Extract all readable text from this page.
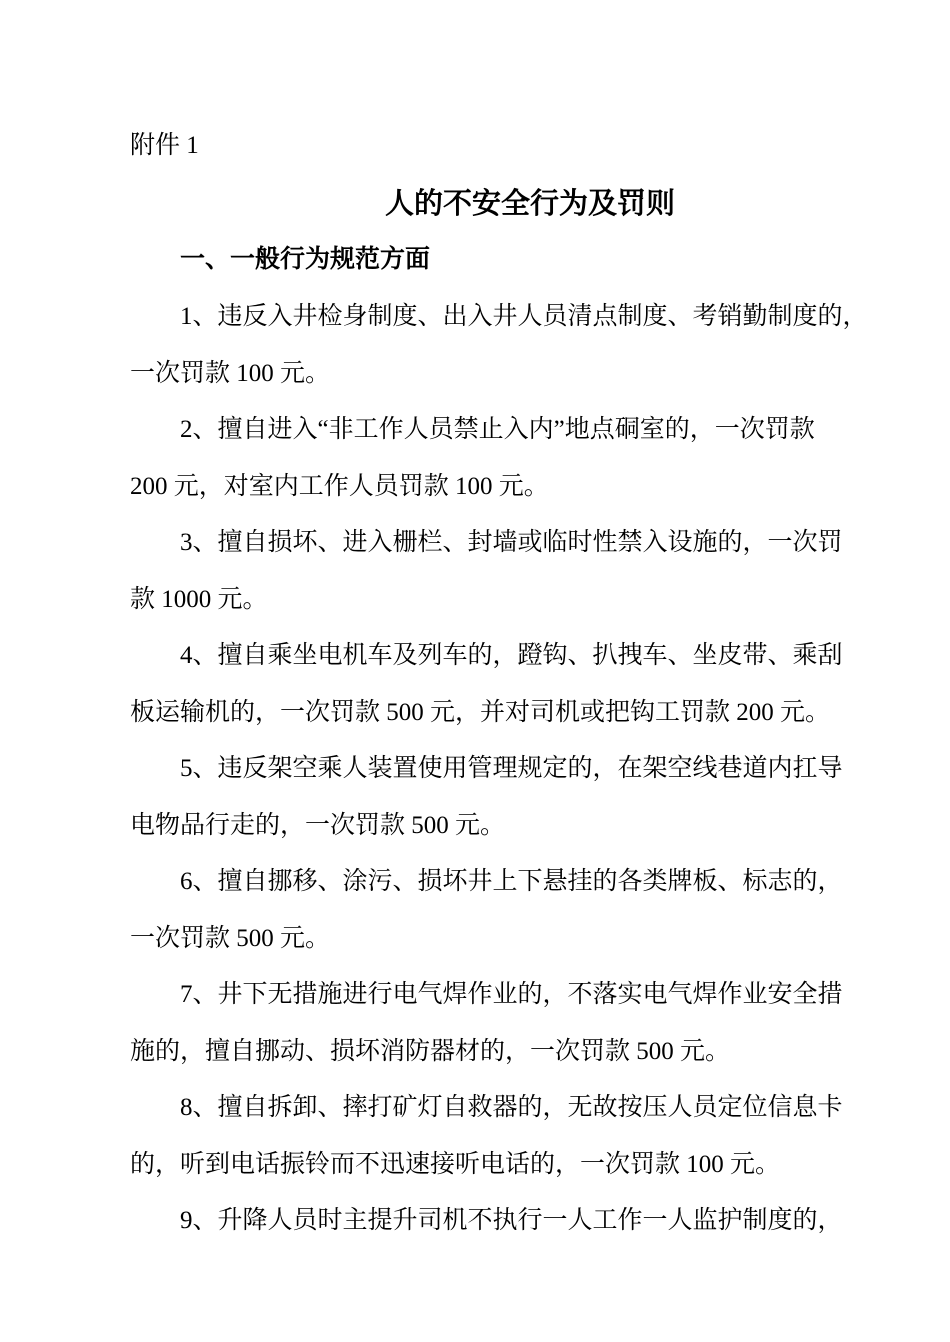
附件 1
人的不安全行为及罚则
一、一般行为规范方面
1、违反入井检身制度、出入井人员清点制度、考销勤制度的，
一次罚款 100 元。
2、擅自进入“非工作人员禁止入内”地点硐室的，一次罚款
200 元，对室内工作人员罚款 100 元。
3、擅自损坏、进入栅栏、封墙或临时性禁入设施的，一次罚
款 1000 元。
4、擅自乘坐电机车及列车的，蹬钩、扒拽车、坐皮带、乘刮
板运输机的，一次罚款 500 元，并对司机或把钩工罚款 200 元。
5、违反架空乘人装置使用管理规定的，在架空线巷道内扛导
电物品行走的，一次罚款 500 元。
6、擅自挪移、涂污、损坏井上下悬挂的各类牌板、标志的，
一次罚款 500 元。
7、井下无措施进行电气焊作业的，不落实电气焊作业安全措
施的，擅自挪动、损坏消防器材的，一次罚款 500 元。
8、擅自拆卸、摔打矿灯自救器的，无故按压人员定位信息卡
的，听到电话振铃而不迅速接听电话的，一次罚款 100 元。
9、升降人员时主提升司机不执行一人工作一人监护制度的，
